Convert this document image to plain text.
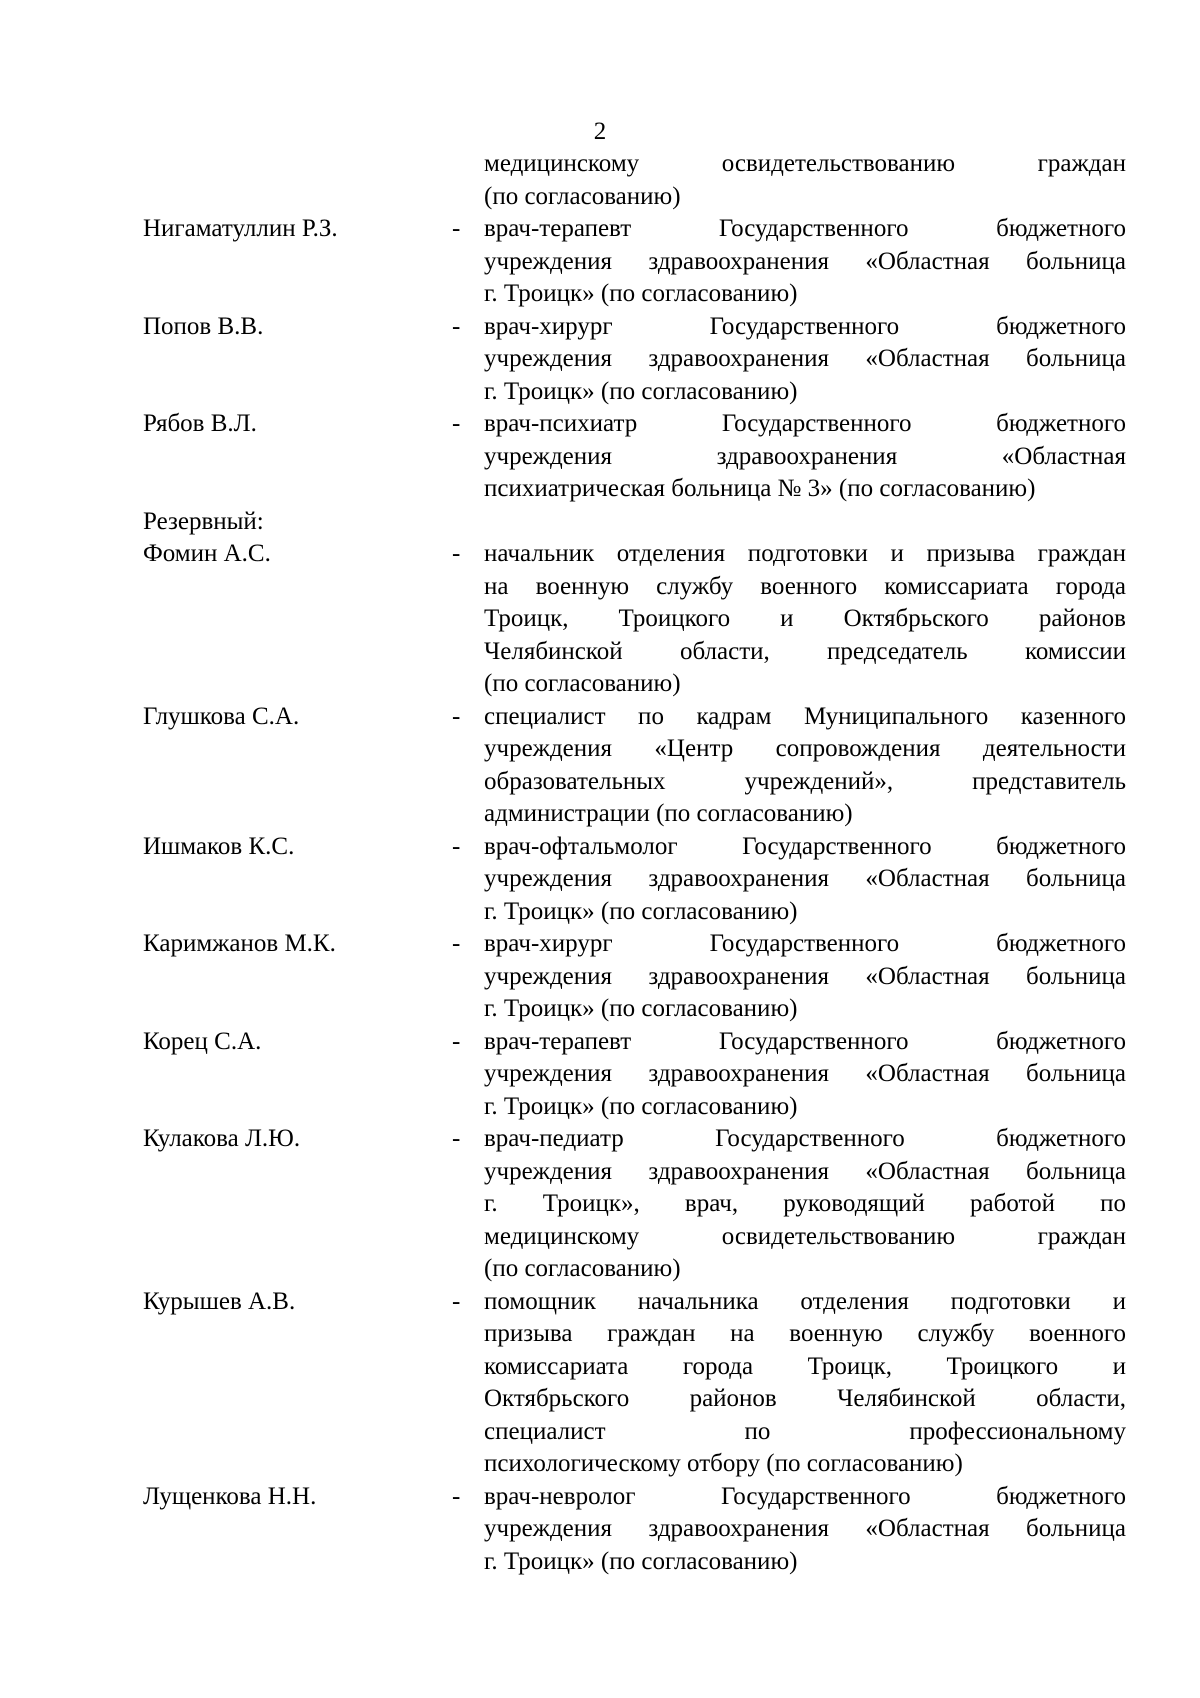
2
медицинскому освидетельствованию граждан
(по согласованию)
Нигаматуллин Р.З.	- врач-терапевт Государственного бюджетного
учреждения здравоохранения «Областная больница
г. Троицк» (по согласованию)
Попов В.В.	- врач-хирург Государственного бюджетного
учреждения здравоохранения «Областная больница
г. Троицк» (по согласованию)
Рябов В.Л.	- врач-психиатр Государственного бюджетного
учреждения здравоохранения «Областная
психиатрическая больница № 3» (по согласованию)
Резервный:
Фомин А.С.	- начальник отделения подготовки и призыва граждан
на военную службу военного комиссариата города
Троицк, Троицкого и Октябрьского районов
Челябинской области, председатель комиссии
(по согласованию)
Глушкова С.А.	- специалист по кадрам Муниципального казенного
учреждения «Центр сопровождения деятельности
образовательных учреждений», представитель
администрации (по согласованию)
Ишмаков К.С.	- врач-офтальмолог Государственного бюджетного
учреждения здравоохранения «Областная больница
г. Троицк» (по согласованию)
Каримжанов М.К.	- врач-хирург Государственного бюджетного
учреждения здравоохранения «Областная больница
г. Троицк» (по согласованию)
Корец С.А.	- врач-терапевт Государственного бюджетного
учреждения здравоохранения «Областная больница
г. Троицк» (по согласованию)
Кулакова Л.Ю.	- врач-педиатр Государственного бюджетного
учреждения здравоохранения «Областная больница
г. Троицк», врач, руководящий работой по
медицинскому освидетельствованию граждан
(по согласованию)
Курышев А.В.	- помощник начальника отделения подготовки и
призыва граждан на военную службу военного
комиссариата города Троицк, Троицкого и
Октябрьского районов Челябинской области,
специалист по профессиональному
психологическому отбору (по согласованию)
Лущенкова Н.Н.	- врач-невролог Государственного бюджетного
учреждения здравоохранения «Областная больница
г. Троицк» (по согласованию)
